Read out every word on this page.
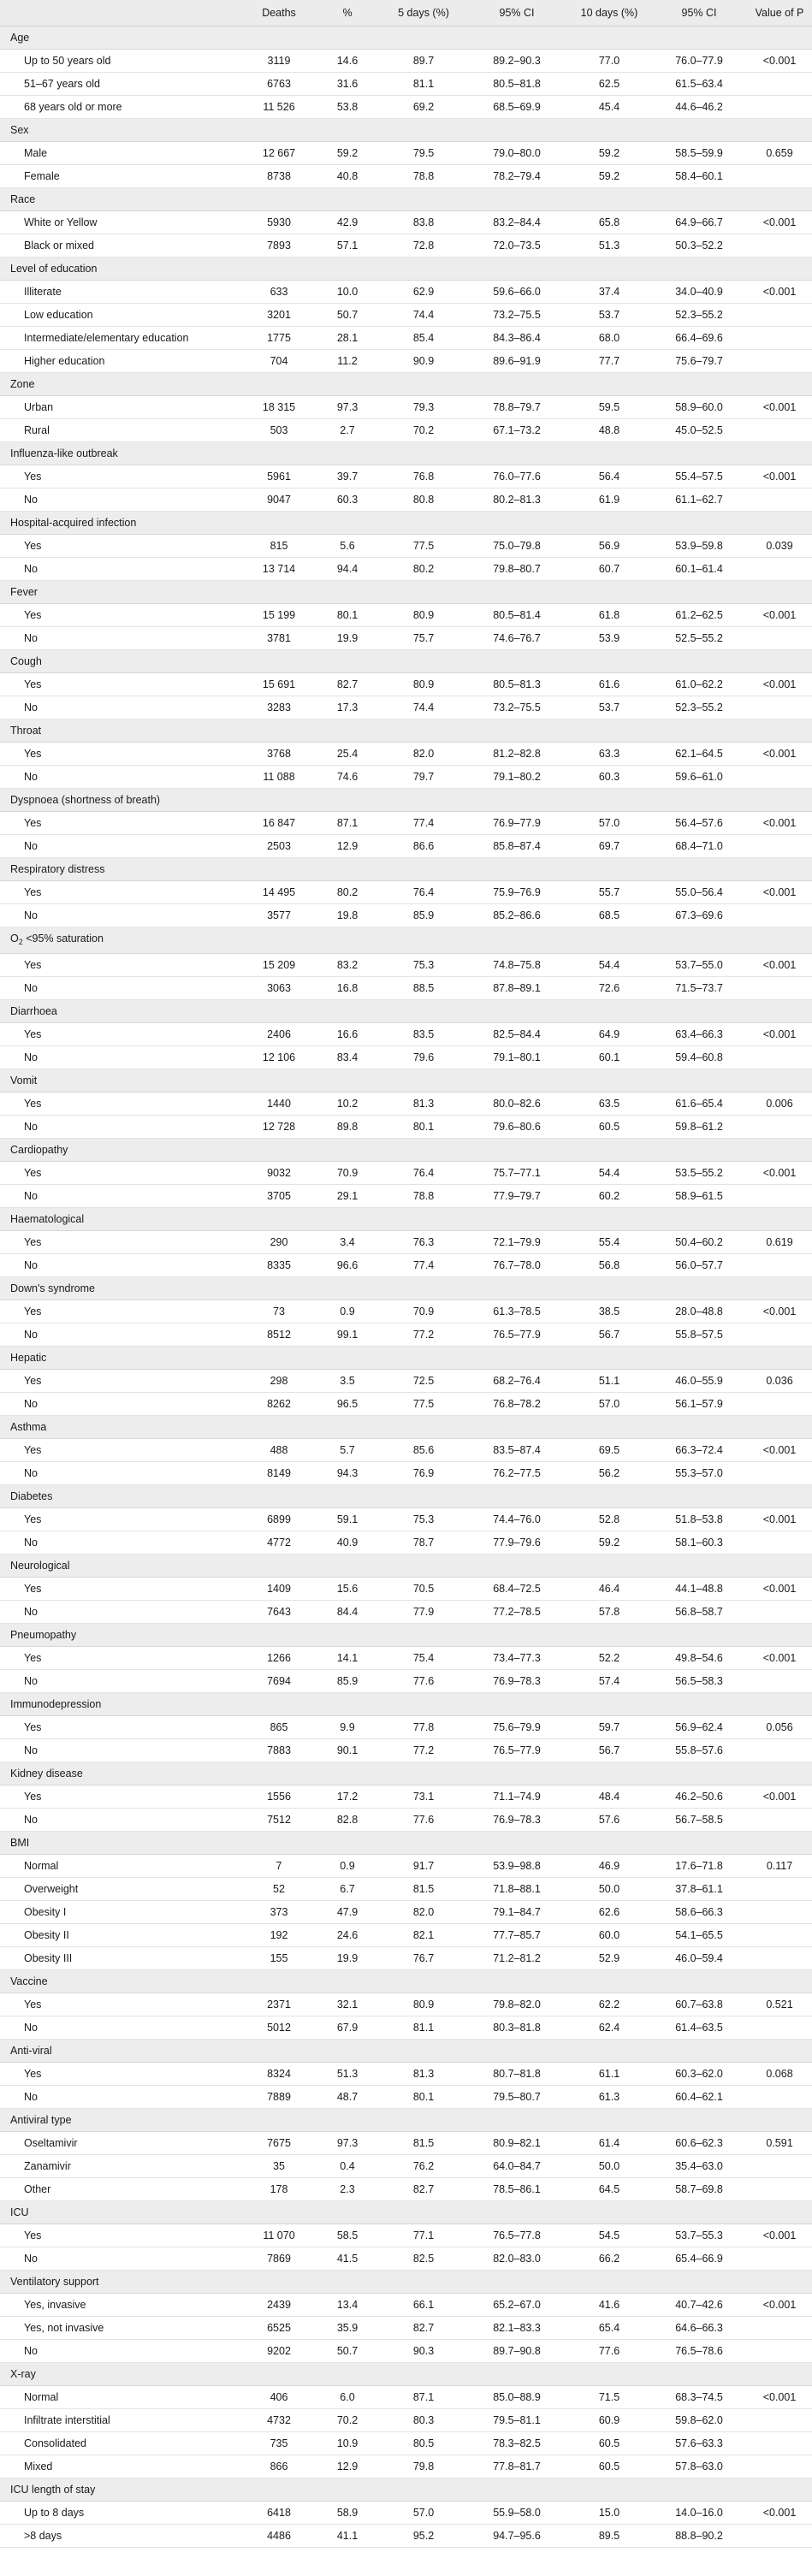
	Deaths	%	5 days (%)	95% CI	10 days (%)	95% CI	Value of P
Age							
Up to 50 years old	3119	14.6	89.7	89.2–90.3	77.0	76.0–77.9	<0.001
51–67 years old	6763	31.6	81.1	80.5–81.8	62.5	61.5–63.4	
68 years old or more	11 526	53.8	69.2	68.5–69.9	45.4	44.6–46.2	
Sex							
Male	12 667	59.2	79.5	79.0–80.0	59.2	58.5–59.9	0.659
Female	8738	40.8	78.8	78.2–79.4	59.2	58.4–60.1	
Race							
White or Yellow	5930	42.9	83.8	83.2–84.4	65.8	64.9–66.7	<0.001
Black or mixed	7893	57.1	72.8	72.0–73.5	51.3	50.3–52.2	
Level of education							
Illiterate	633	10.0	62.9	59.6–66.0	37.4	34.0–40.9	<0.001
Low education	3201	50.7	74.4	73.2–75.5	53.7	52.3–55.2	
Intermediate/elementary education	1775	28.1	85.4	84.3–86.4	68.0	66.4–69.6	
Higher education	704	11.2	90.9	89.6–91.9	77.7	75.6–79.7	
Zone							
Urban	18 315	97.3	79.3	78.8–79.7	59.5	58.9–60.0	<0.001
Rural	503	2.7	70.2	67.1–73.2	48.8	45.0–52.5	
Influenza-like outbreak							
Yes	5961	39.7	76.8	76.0–77.6	56.4	55.4–57.5	<0.001
No	9047	60.3	80.8	80.2–81.3	61.9	61.1–62.7	
Hospital-acquired infection							
Yes	815	5.6	77.5	75.0–79.8	56.9	53.9–59.8	0.039
No	13 714	94.4	80.2	79.8–80.7	60.7	60.1–61.4	
Fever							
Yes	15 199	80.1	80.9	80.5–81.4	61.8	61.2–62.5	<0.001
No	3781	19.9	75.7	74.6–76.7	53.9	52.5–55.2	
Cough							
Yes	15 691	82.7	80.9	80.5–81.3	61.6	61.0–62.2	<0.001
No	3283	17.3	74.4	73.2–75.5	53.7	52.3–55.2	
Throat							
Yes	3768	25.4	82.0	81.2–82.8	63.3	62.1–64.5	<0.001
No	11 088	74.6	79.7	79.1–80.2	60.3	59.6–61.0	
Dyspnoea (shortness of breath)							
Yes	16 847	87.1	77.4	76.9–77.9	57.0	56.4–57.6	<0.001
No	2503	12.9	86.6	85.8–87.4	69.7	68.4–71.0	
Respiratory distress							
Yes	14 495	80.2	76.4	75.9–76.9	55.7	55.0–56.4	<0.001
No	3577	19.8	85.9	85.2–86.6	68.5	67.3–69.6	
$O_2 <95\%$ saturation							
Yes	15 209	83.2	75.3	74.8–75.8	54.4	53.7–55.0	<0.001
No	3063	16.8	88.5	87.8–89.1	72.6	71.5–73.7	
Diarrhoea							
Yes	2406	16.6	83.5	82.5–84.4	64.9	63.4–66.3	<0.001
No	12 106	83.4	79.6	79.1–80.1	60.1	59.4–60.8	
Vomit							
Yes	1440	10.2	81.3	80.0–82.6	63.5	61.6–65.4	0.006
No	12 728	89.8	80.1	79.6–80.6	60.5	59.8–61.2	
Cardiopathy							
Yes	9032	70.9	76.4	75.7–77.1	54.4	53.5–55.2	<0.001
No	3705	29.1	78.8	77.9–79.7	60.2	58.9–61.5	
Haematological							
Yes	290	3.4	76.3	72.1–79.9	55.4	50.4–60.2	0.619
No	8335	96.6	77.4	76.7–78.0	56.8	56.0–57.7	
Down's syndrome							
Yes	73	0.9	70.9	61.3–78.5	38.5	28.0–48.8	<0.001
No	8512	99.1	77.2	76.5–77.9	56.7	55.8–57.5	
Hepatic							
Yes	298	3.5	72.5	68.2–76.4	51.1	46.0–55.9	0.036
No	8262	96.5	77.5	76.8–78.2	57.0	56.1–57.9	
Asthma							
Yes	488	5.7	85.6	83.5–87.4	69.5	66.3–72.4	<0.001
No	8149	94.3	76.9	76.2–77.5	56.2	55.3–57.0	
Diabetes							
Yes	6899	59.1	75.3	74.4–76.0	52.8	51.8–53.8	<0.001
No	4772	40.9	78.7	77.9–79.6	59.2	58.1–60.3	
Neurological							
Yes	1409	15.6	70.5	68.4–72.5	46.4	44.1–48.8	<0.001
No	7643	84.4	77.9	77.2–78.5	57.8	56.8–58.7	
Pneumopathy							
Yes	1266	14.1	75.4	73.4–77.3	52.2	49.8–54.6	<0.001
No	7694	85.9	77.6	76.9–78.3	57.4	56.5–58.3	
Immunodepression							
Yes	865	9.9	77.8	75.6–79.9	59.7	56.9–62.4	0.056
No	7883	90.1	77.2	76.5–77.9	56.7	55.8–57.6	
Kidney disease							
Yes	1556	17.2	73.1	71.1–74.9	48.4	46.2–50.6	<0.001
No	7512	82.8	77.6	76.9–78.3	57.6	56.7–58.5	
BMI							
Normal	7	0.9	91.7	53.9–98.8	46.9	17.6–71.8	0.117
Overweight	52	6.7	81.5	71.8–88.1	50.0	37.8–61.1	
Obesity I	373	47.9	82.0	79.1–84.7	62.6	58.6–66.3	
Obesity II	192	24.6	82.1	77.7–85.7	60.0	54.1–65.5	
Obesity III	155	19.9	76.7	71.2–81.2	52.9	46.0–59.4	
Vaccine							
Yes	2371	32.1	80.9	79.8–82.0	62.2	60.7–63.8	0.521
No	5012	67.9	81.1	80.3–81.8	62.4	61.4–63.5	
Anti-viral							
Yes	8324	51.3	81.3	80.7–81.8	61.1	60.3–62.0	0.068
No	7889	48.7	80.1	79.5–80.7	61.3	60.4–62.1	
Antiviral type							
Oseltamivir	7675	97.3	81.5	80.9–82.1	61.4	60.6–62.3	0.591
Zanamivir	35	0.4	76.2	64.0–84.7	50.0	35.4–63.0	
Other	178	2.3	82.7	78.5–86.1	64.5	58.7–69.8	
ICU							
Yes	11 070	58.5	77.1	76.5–77.8	54.5	53.7–55.3	<0.001
No	7869	41.5	82.5	82.0–83.0	66.2	65.4–66.9	
Ventilatory support							
Yes, invasive	2439	13.4	66.1	65.2–67.0	41.6	40.7–42.6	<0.001
Yes, not invasive	6525	35.9	82.7	82.1–83.3	65.4	64.6–66.3	
No	9202	50.7	90.3	89.7–90.8	77.6	76.5–78.6	
X-ray							
Normal	406	6.0	87.1	85.0–88.9	71.5	68.3–74.5	<0.001
Infiltrate interstitial	4732	70.2	80.3	79.5–81.1	60.9	59.8–62.0	
Consolidated	735	10.9	80.5	78.3–82.5	60.5	57.6–63.3	
Mixed	866	12.9	79.8	77.8–81.7	60.5	57.8–63.0	
ICU length of stay							
Up to 8 days	6418	58.9	57.0	55.9–58.0	15.0	14.0–16.0	<0.001
>8 days	4486	41.1	95.2	94.7–95.6	89.5	88.8–90.2	
